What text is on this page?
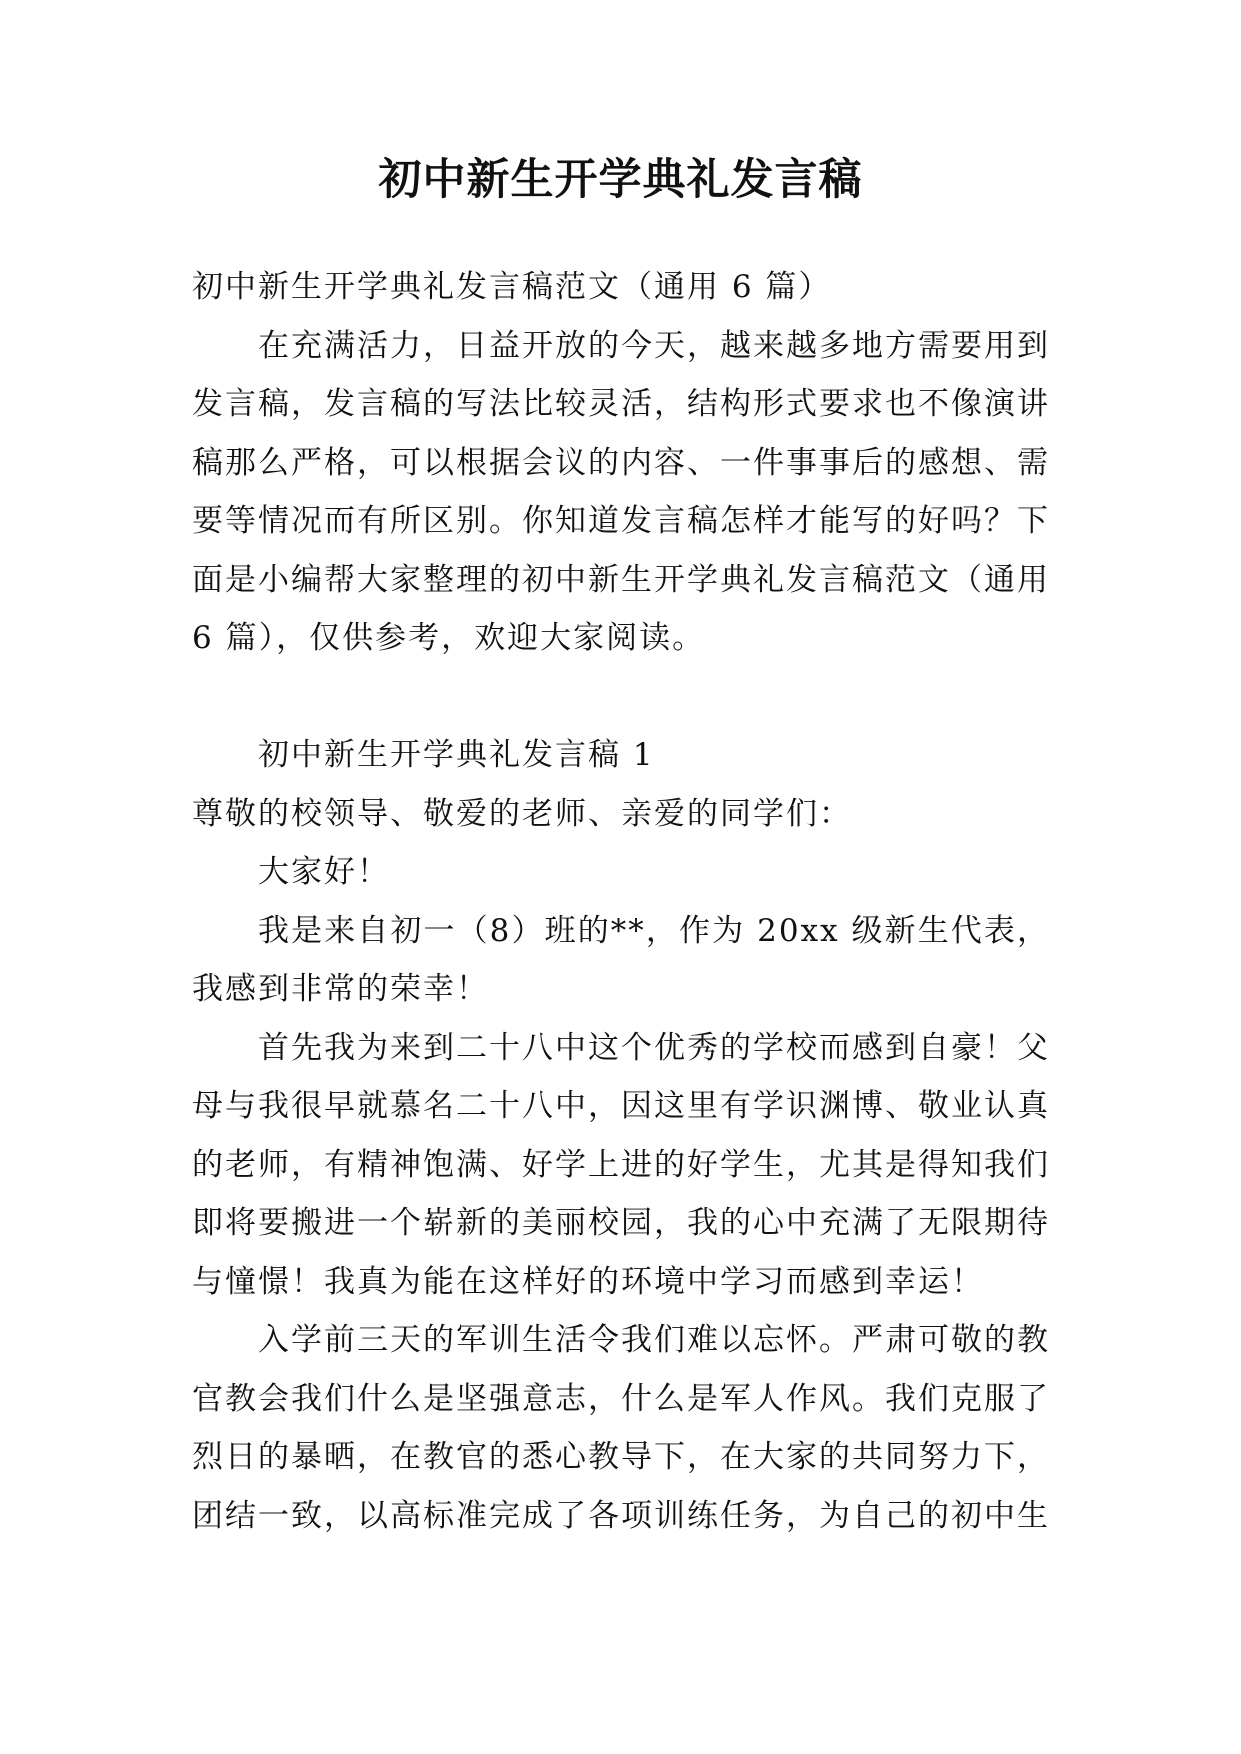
初中新生开学典礼发言稿

初中新生开学典礼发言稿范文（通用 6 篇）

在充满活力，日益开放的今天，越来越多地方需要用到发言稿，发言稿的写法比较灵活，结构形式要求也不像演讲稿那么严格，可以根据会议的内容、一件事事后的感想、需要等情况而有所区别。你知道发言稿怎样才能写的好吗？下面是小编帮大家整理的初中新生开学典礼发言稿范文（通用 6 篇），仅供参考，欢迎大家阅读。

初中新生开学典礼发言稿 1

尊敬的校领导、敬爱的老师、亲爱的同学们：

大家好！

我是来自初一（8）班的**，作为 20xx 级新生代表，我感到非常的荣幸！

首先我为来到二十八中这个优秀的学校而感到自豪！父母与我很早就慕名二十八中，因这里有学识渊博、敬业认真的老师，有精神饱满、好学上进的好学生，尤其是得知我们即将要搬进一个崭新的美丽校园，我的心中充满了无限期待与憧憬！我真为能在这样好的环境中学习而感到幸运！

入学前三天的军训生活令我们难以忘怀。严肃可敬的教官教会我们什么是坚强意志，什么是军人作风。我们克服了烈日的暴晒，在教官的悉心教导下，在大家的共同努力下，团结一致，以高标准完成了各项训练任务，为自己的初中生
